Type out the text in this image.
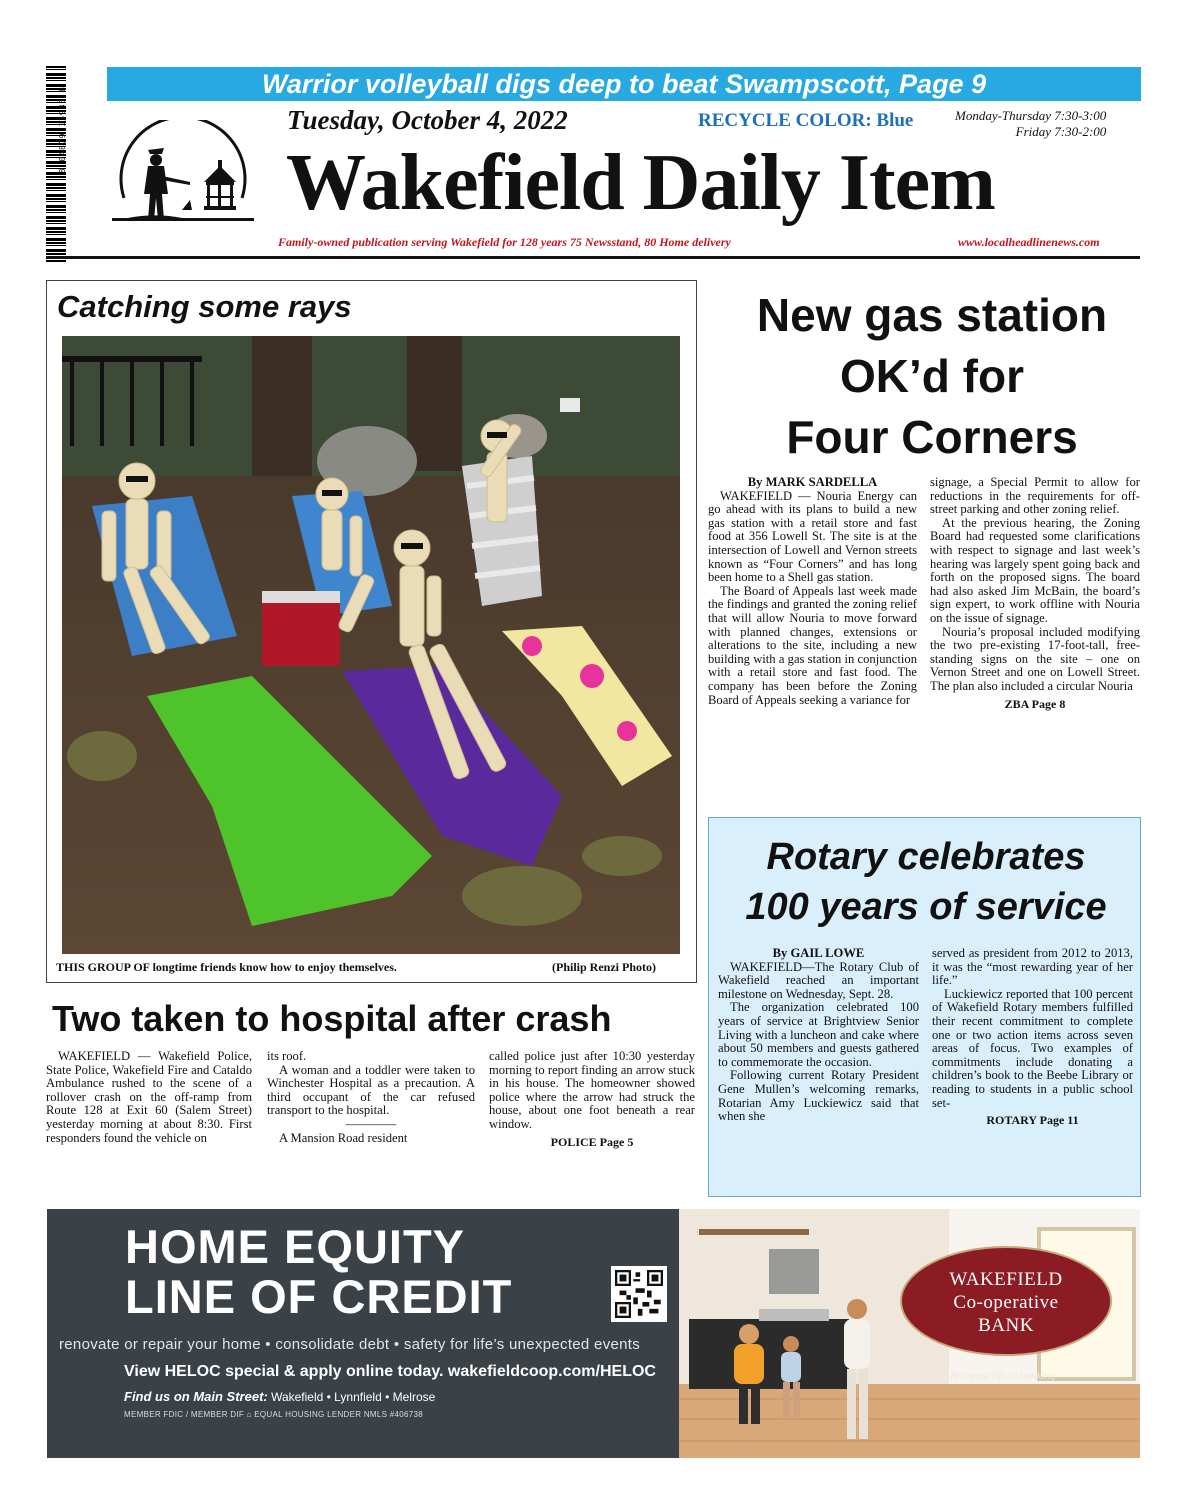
8 04879 13933 8
Warrior volleyball digs deep to beat Swampscott, Page 9
Tuesday, October 4, 2022	RECYCLE COLOR: Blue	Monday-Thursday 7:30-3:00
Friday 7:30-2:00
Wakefield Daily Item
Family-owned publication serving Wakefield for 128 years 75 Newsstand, 80 Home delivery	www.localheadlinenews.com
Catching some rays
THIS GROUP OF longtime friends know how to enjoy themselves.	(Philip Renzi Photo)
New gas station
OK’d for
Four Corners

By MARK SARDELLA

WAKEFIELD — Nouria Energy can go ahead with its plans to build a new gas station with a retail store and fast food at 356 Lowell St. The site is at the intersection of Lowell and Vernon streets known as “Four Corners” and has long been home to a Shell gas station.

The Board of Appeals last week made the findings and granted the zoning relief that will allow Nouria to move forward with planned changes, extensions or alterations to the site, including a new building with a gas station in conjunction with a retail store and fast food. The company has been before the Zoning Board of Appeals seeking a variance for

signage, a Special Permit to allow for reductions in the requirements for off-street parking and other zoning relief.

At the previous hearing, the Zoning Board had requested some clarifications with respect to signage and last week’s hearing was largely spent going back and forth on the proposed signs. The board had also asked Jim McBain, the board’s sign expert, to work offline with Nouria on the issue of signage.

Nouria’s proposal included modifying the two pre-existing 17-foot-tall, free-standing signs on the site – one on Vernon Street and one on Lowell Street. The plan also included a circular Nouria

ZBA Page 8
Two taken to hospital after crash

WAKEFIELD — Wakefield Police, State Police, Wakefield Fire and Cataldo Ambulance rushed to the scene of a rollover crash on the off-ramp from Route 128 at Exit 60 (Salem Street) yesterday morning at about 8:30. First responders found the vehicle on

its roof.

A woman and a toddler were taken to Winchester Hospital as a precaution. A third occupant of the car refused transport to the hospital.

————

A Mansion Road resident

called police just after 10:30 yesterday morning to report finding an arrow stuck in his house. The homeowner showed police where the arrow had struck the house, about one foot beneath a rear window.

POLICE Page 5
Rotary celebrates
100 years of service

By GAIL LOWE

WAKEFIELD—The Rotary Club of Wakefield reached an important milestone on Wednesday, Sept. 28.

The organization celebrated 100 years of service at Brightview Senior Living with a luncheon and cake where about 50 members and guests gathered to commemorate the occasion.

Following current Rotary President Gene Mullen’s welcoming remarks, Rotarian Amy Luckiewicz said that when she

served as president from 2012 to 2013, it was the “most rewarding year of her life.”

Luckiewicz reported that 100 percent of Wakefield Rotary members fulfilled their recent commitment to complete one or two action items across seven areas of focus. Two examples of commitments include donating a children’s book to the Beebe Library or reading to students in a public school set-

ROTARY Page 11
HOME EQUITY
LINE OF CREDIT
renovate or repair your home • consolidate debt • safety for life’s unexpected events
View HELOC special & apply online today. wakefieldcoop.com/HELOC
Find us on Main Street: Wakefield • Lynnfield • Melrose
MEMBER FDIC / MEMBER DIF ⌂ EQUAL HOUSING LENDER NMLS #406738
WAKEFIELD
Co-operative
BANK
Bringing life to banking
